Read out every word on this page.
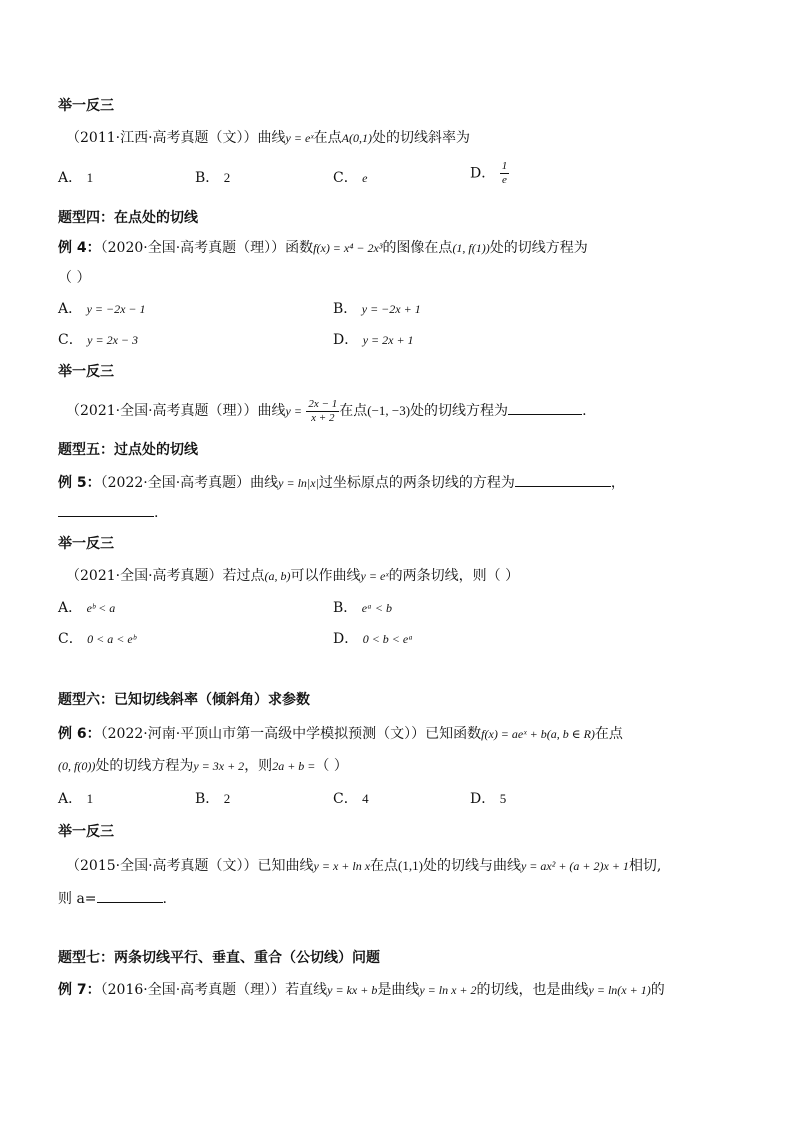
举一反三
（2011·江西·高考真题（文））曲线y = eˣ在点A(0,1)处的切线斜率为
A． 1	B． 2	C． e	D． $\frac{1}{e}$
题型四：在点处的切线
例 4：（2020·全国·高考真题（理））函数f(x) = x⁴ − 2x³的图像在点(1, f(1))处的切线方程为
（ ）
A． y = −2x − 1	B． y = −2x + 1
C． y = 2x − 3	D． y = 2x + 1
举一反三
（2021·全国·高考真题（理））曲线$y = \frac{2x - 1}{x + 2}$ 在点(−1, −3)处的切线方程为	.
题型五：过点处的切线
例 5：（2022·全国·高考真题）曲线y = ln|x|过坐标原点的两条切线的方程为	，
.
举一反三
（2021·全国·高考真题）若过点(a, b)可以作曲线y = eˣ的两条切线，则（ ）
A． eᵇ < a	B． eᵃ < b
C． 0 < a < eᵇ	D． 0 < b < eᵃ
题型六：已知切线斜率（倾斜角）求参数
例 6：（2022·河南·平顶山市第一高级中学模拟预测（文））已知函数f(x) = aeˣ + b(a, b ∈ R)在点
(0, f(0))处的切线方程为y = 3x + 2，则2a + b =（ ）
A． 1	B． 2	C． 4	D． 5
举一反三
（2015·全国·高考真题（文））已知曲线y = x + ln x在点(1,1)处的切线与曲线y = ax² + (a + 2)x + 1相切,
则 a=	.
题型七：两条切线平行、垂直、重合（公切线）问题
例 7：（2016·全国·高考真题（理））若直线y = kx + b是曲线y = ln x + 2的切线，也是曲线y = ln(x + 1)的
